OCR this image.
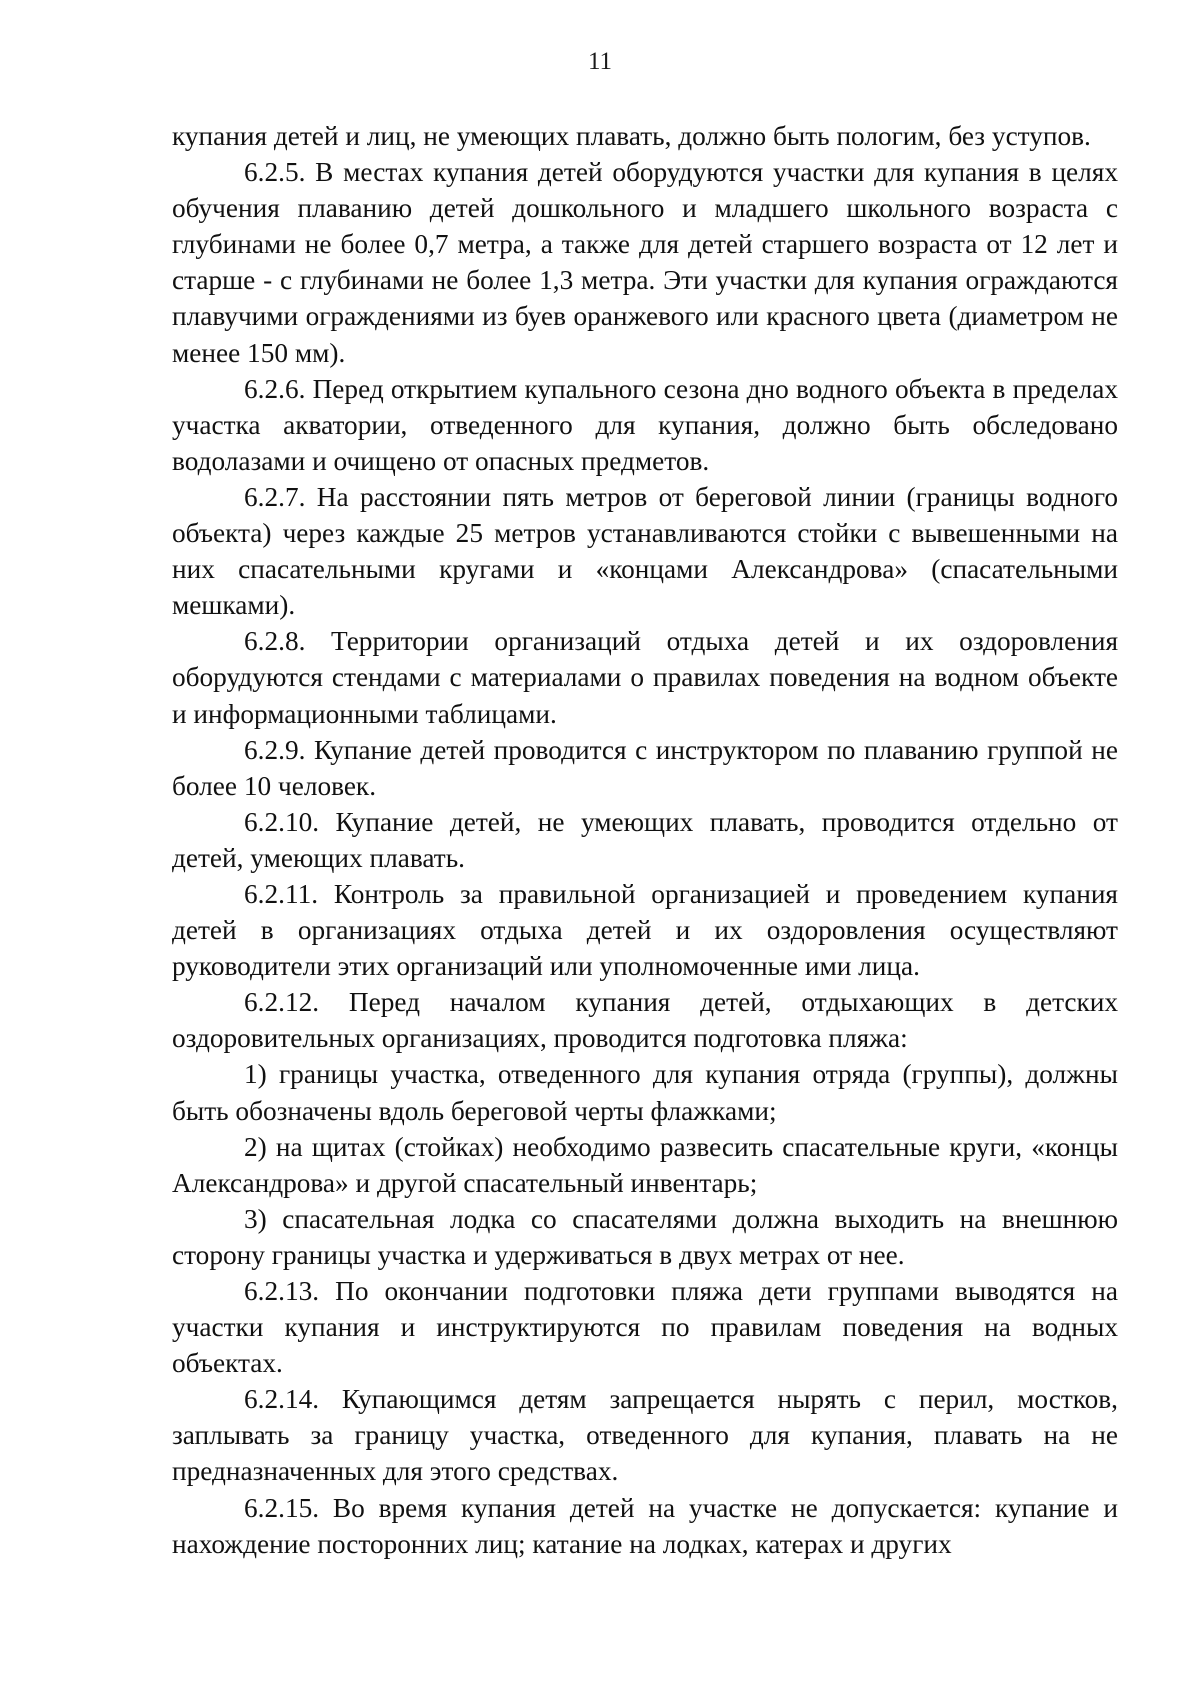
11

купания детей и лиц, не умеющих плавать, должно быть пологим, без уступов.

6.2.5. В местах купания детей оборудуются участки для купания в целях обучения плаванию детей дошкольного и младшего школьного возраста с глубинами не более 0,7 метра, а также для детей старшего возраста от 12 лет и старше - с глубинами не более 1,3 метра. Эти участки для купания ограждаются плавучими ограждениями из буев оранжевого или красного цвета (диаметром не менее 150 мм).

6.2.6. Перед открытием купального сезона дно водного объекта в пределах участка акватории, отведенного для купания, должно быть обследовано водолазами и очищено от опасных предметов.

6.2.7. На расстоянии пять метров от береговой линии (границы водного объекта) через каждые 25 метров устанавливаются стойки с вывешенными на них спасательными кругами и «концами Александрова» (спасательными мешками).

6.2.8. Территории организаций отдыха детей и их оздоровления оборудуются стендами с материалами о правилах поведения на водном объекте и информационными таблицами.

6.2.9. Купание детей проводится с инструктором по плаванию группой не более 10 человек.

6.2.10. Купание детей, не умеющих плавать, проводится отдельно от детей, умеющих плавать.

6.2.11. Контроль за правильной организацией и проведением купания детей в организациях отдыха детей и их оздоровления осуществляют руководители этих организаций или уполномоченные ими лица.

6.2.12. Перед началом купания детей, отдыхающих в детских оздоровительных организациях, проводится подготовка пляжа:

1) границы участка, отведенного для купания отряда (группы), должны быть обозначены вдоль береговой черты флажками;

2) на щитах (стойках) необходимо развесить спасательные круги, «концы Александрова» и другой спасательный инвентарь;

3) спасательная лодка со спасателями должна выходить на внешнюю сторону границы участка и удерживаться в двух метрах от нее.

6.2.13. По окончании подготовки пляжа дети группами выводятся на участки купания и инструктируются по правилам поведения на водных объектах.

6.2.14. Купающимся детям запрещается нырять с перил, мостков, заплывать за границу участка, отведенного для купания, плавать на не предназначенных для этого средствах.

6.2.15. Во время купания детей на участке не допускается: купание и нахождение посторонних лиц; катание на лодках, катерах и других
